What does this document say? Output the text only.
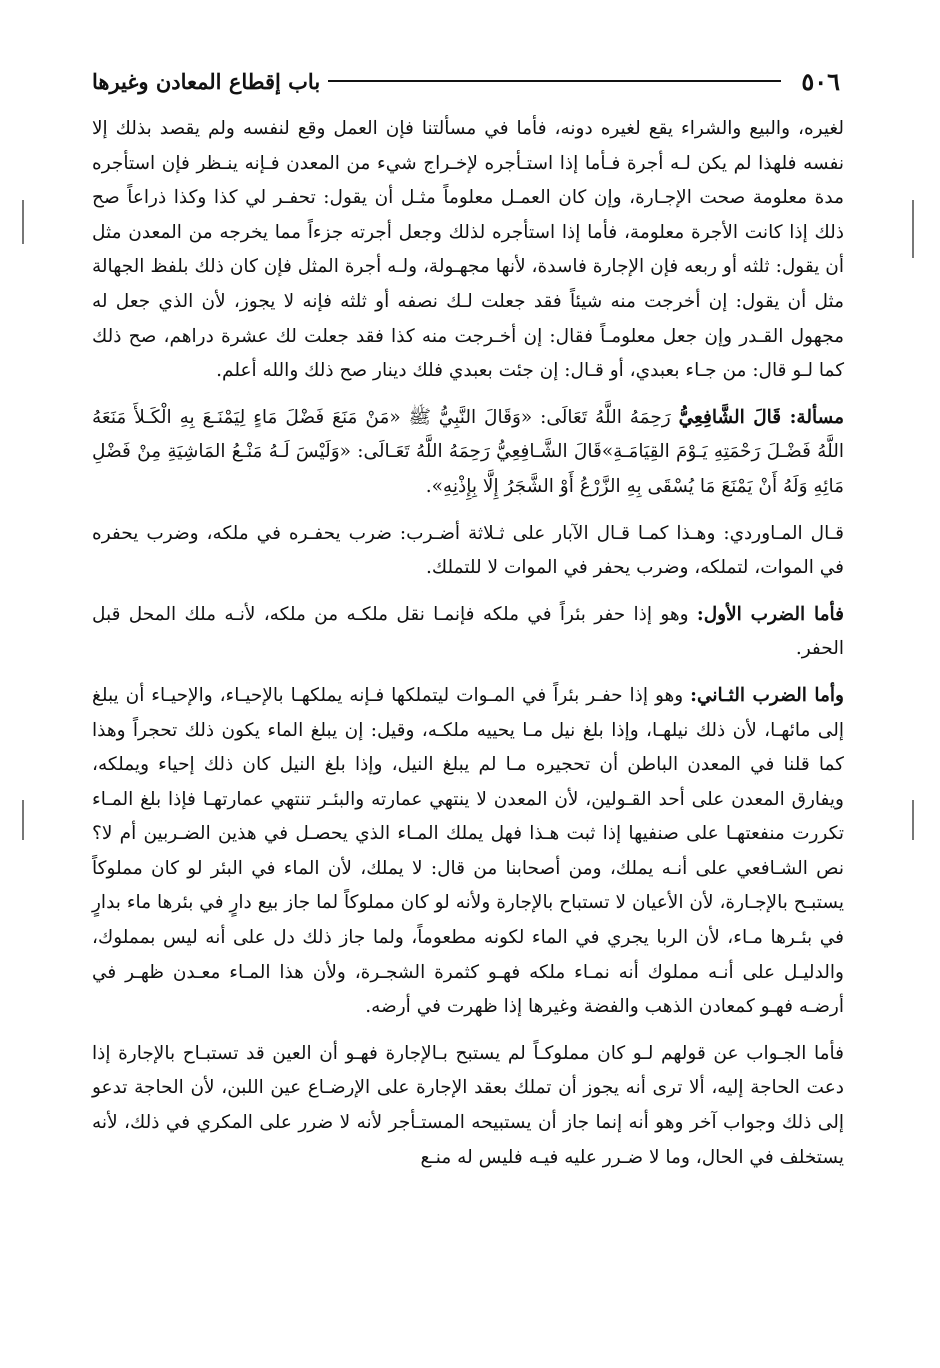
٥٠٦
باب إقطاع المعادن وغيرها

لغيره، والبيع والشراء يقع لغيره دونه، فأما في مسألتنا فإن العمل وقع لنفسه ولم يقصد بذلك إلا نفسه فلهذا لم يكن لـه أجرة فـأما إذا استـأجره لإخـراج شيء من المعدن فـإنه ينـظر فإن استأجره مدة معلومة صحت الإجـارة، وإن كان العمـل معلوماً مثـل أن يقول: تحفـر لي كذا وكذا ذراعاً صح ذلك إذا كانت الأجرة معلومة، فأما إذا استأجره لذلك وجعل أجرته جزءاً مما يخرجه من المعدن مثل أن يقول: ثلثه أو ربعه فإن الإجارة فاسدة، لأنها مجهـولة، ولـه أجرة المثل فإن كان ذلك بلفظ الجهالة مثل أن يقول: إن أخرجت منه شيئاً فقد جعلت لـك نصفه أو ثلثه فإنه لا يجوز، لأن الذي جعل له مجهول القـدر وإن جعل معلومـاً فقال: إن أخـرجت منه كذا فقد جعلت لك عشرة دراهم، صح ذلك كما لـو قال: من جـاء بعبدي، أو قـال: إن جئت بعبدي فلك دينار صح ذلك والله أعلم.

مسألة: قَالَ الشَّافِعِيُّ رَحِمَهُ اللَّهُ تَعَالَى: «وَقَالَ النَّبِيُّ ﷺ «مَنْ مَنَعَ فَضْلَ مَاءٍ لِيَمْنَـعَ بِهِ الْكَـلأَ مَنَعَهُ اللَّهُ فَضْـلَ رَحْمَتِهِ يَـوْمَ القِيَامَـةِ»قَالَ الشَّـافِعِيُّ رَحِمَهُ اللَّهُ تَعَـالَى: «وَلَيْسَ لَـهُ مَنْـعُ المَاشِيَةِ مِنْ فَضْلِ مَائِهِ وَلَهُ أَنْ يَمْنَعَ مَا يُسْقَى بِهِ الزَّرْعُ أَوْ الشَّجَرُ إِلَّا بِإِذْنِهِ».

قـال المـاوردي: وهـذا كمـا قـال الآبار على ثـلاثة أضـرب: ضرب يحفـره في ملكه، وضرب يحفره في الموات، لتملكه، وضرب يحفر في الموات لا للتملك.

فأما الضرب الأول: وهو إذا حفر بئراً في ملكه فإنمـا نقل ملكـه من ملكه، لأنـه ملك المحل قبل الحفر.

وأما الضرب الثـاني: وهو إذا حفـر بئراً في المـوات ليتملكها فـإنه يملكهـا بالإحيـاء، والإحيـاء أن يبلغ إلى مائهـا، لأن ذلك نيلهـا، وإذا بلغ نيل مـا يحييه ملكـه، وقيل: إن يبلغ الماء يكون ذلك تحجراً وهذا كما قلنا في المعدن الباطن أن تحجيره مـا لم يبلغ النيل، وإذا بلغ النيل كان ذلك إحياء ويملكه، ويفارق المعدن على أحد القـولين، لأن المعدن لا ينتهي عمارته والبئـر تنتهي عمارتهـا فإذا بلغ المـاء تكررت منفعتهـا على صنفيها إذا ثبت هـذا فهل يملك المـاء الذي يحصـل في هذين الضـربين أم لا؟ نص الشـافعي على أنـه يملك، ومن أصحابنا من قال: لا يملك، لأن الماء في البئر لو كان مملوكاً يستبـح بالإجـارة، لأن الأعيان لا تستباح بالإجارة ولأنه لو كان مملوكاً لما جاز بيع دارٍ في بئرها ماء بدارٍ في بئـرها مـاء، لأن الربا يجري في الماء لكونه مطعوماً، ولما جاز ذلك دل على أنه ليس بمملوك، والدليـل على أنـه مملوك أنه نمـاء ملكه فهـو كثمرة الشجـرة، ولأن هذا المـاء معـدن ظهـر في أرضـه فهـو كمعادن الذهب والفضة وغيرها إذا ظهرت في أرضه.

فأما الجـواب عن قولهم لـو كان مملوكـاً لم يستبح بـالإجارة فهـو أن العين قد تستبـاح بالإجارة إذا دعت الحاجة إليه، ألا ترى أنه يجوز أن تملك بعقد الإجارة على الإرضـاع عين اللبن، لأن الحاجة تدعو إلى ذلك وجواب آخر وهو أنه إنما جاز أن يستبيحه المستـأجر لأنه لا ضرر على المكري في ذلك، لأنه يستخلف في الحال، وما لا ضـرر عليه فيـه فليس له منـع
